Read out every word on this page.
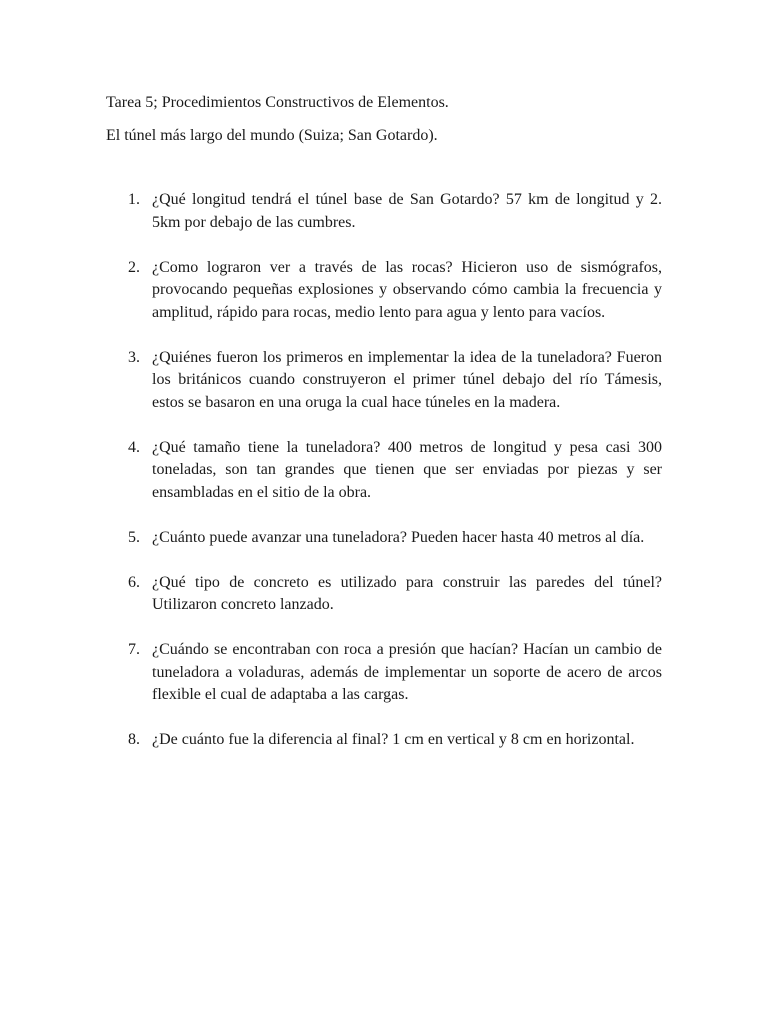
Tarea 5; Procedimientos Constructivos de Elementos.
El túnel más largo del mundo (Suiza; San Gotardo).
1. ¿Qué longitud tendrá el túnel base de San Gotardo? 57 km de longitud y 2. 5km por debajo de las cumbres.
2. ¿Como lograron ver a través de las rocas? Hicieron uso de sismógrafos, provocando pequeñas explosiones y observando cómo cambia la frecuencia y amplitud, rápido para rocas, medio lento para agua y lento para vacíos.
3. ¿Quiénes fueron los primeros en implementar la idea de la tuneladora? Fueron los británicos cuando construyeron el primer túnel debajo del río Támesis, estos se basaron en una oruga la cual hace túneles en la madera.
4. ¿Qué tamaño tiene la tuneladora? 400 metros de longitud y pesa casi 300 toneladas, son tan grandes que tienen que ser enviadas por piezas y ser ensambladas en el sitio de la obra.
5. ¿Cuánto puede avanzar una tuneladora? Pueden hacer hasta 40 metros al día.
6. ¿Qué tipo de concreto es utilizado para construir las paredes del túnel? Utilizaron concreto lanzado.
7. ¿Cuándo se encontraban con roca a presión que hacían? Hacían un cambio de tuneladora a voladuras, además de implementar un soporte de acero de arcos flexible el cual de adaptaba a las cargas.
8. ¿De cuánto fue la diferencia al final? 1 cm en vertical y 8 cm en horizontal.
